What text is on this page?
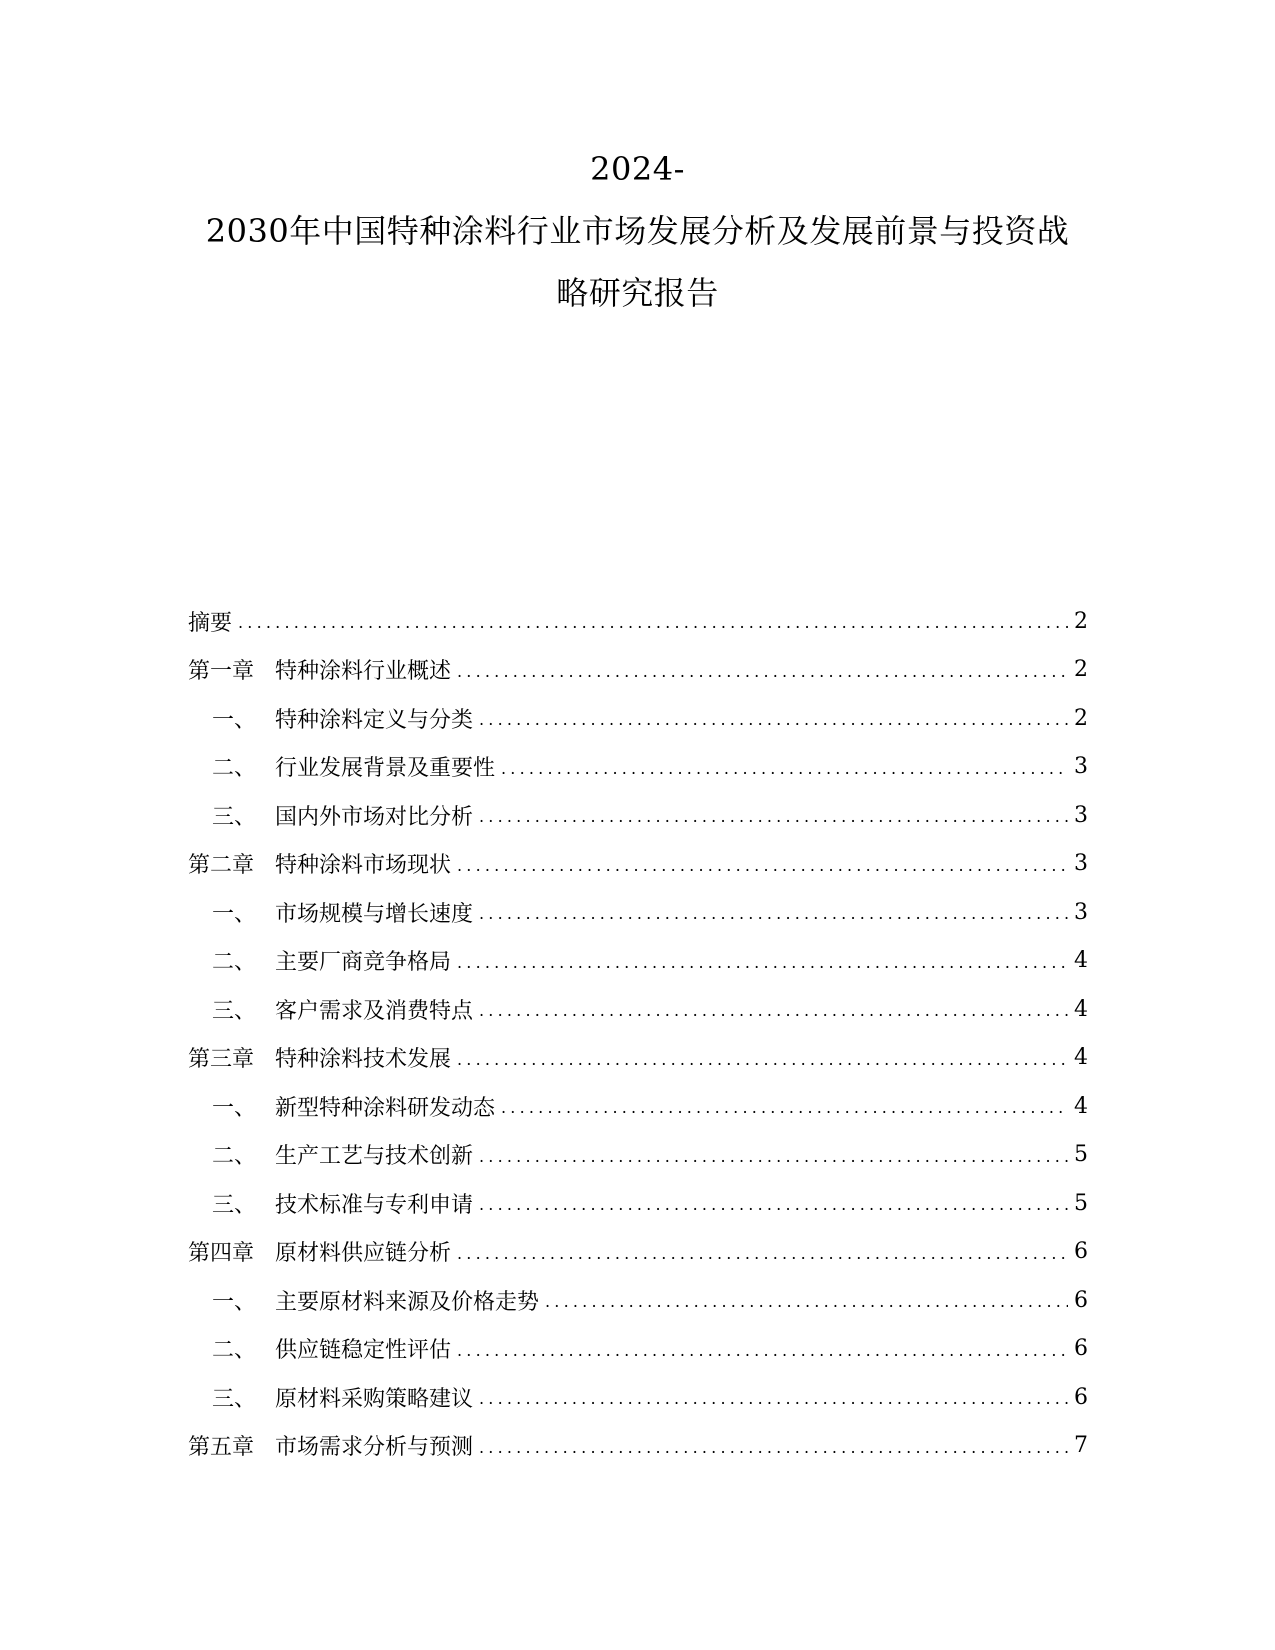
2024-
2030年中国特种涂料行业市场发展分析及发展前景与投资战
略研究报告
摘要 .....	2
第一章 特种涂料行业概述 .....	2
一、 特种涂料定义与分类 .....	2
二、 行业发展背景及重要性 .....	3
三、 国内外市场对比分析 .....	3
第二章 特种涂料市场现状 .....	3
一、 市场规模与增长速度 .....	3
二、 主要厂商竞争格局 .....	4
三、 客户需求及消费特点 .....	4
第三章 特种涂料技术发展 .....	4
一、 新型特种涂料研发动态 .....	4
二、 生产工艺与技术创新 .....	5
三、 技术标准与专利申请 .....	5
第四章 原材料供应链分析 .....	6
一、 主要原材料来源及价格走势 .....	6
二、 供应链稳定性评估 .....	6
三、 原材料采购策略建议 .....	6
第五章 市场需求分析与预测 .....	7
